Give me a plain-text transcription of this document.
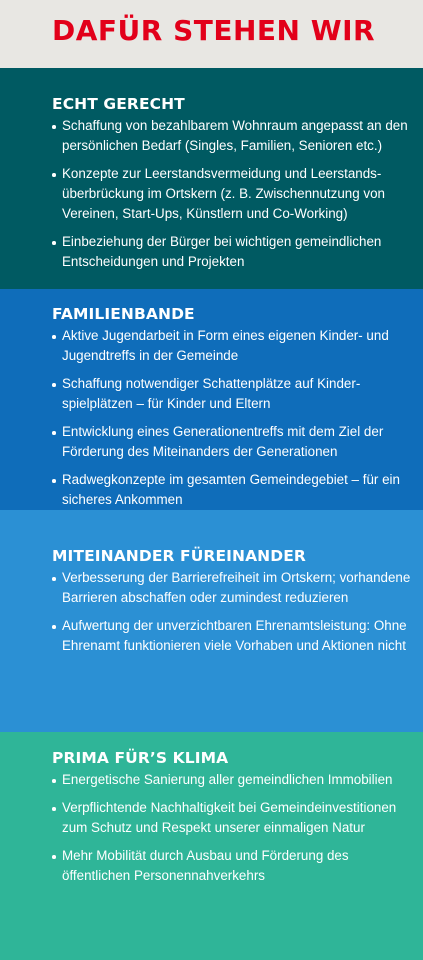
DAFÜR STEHEN WIR
ECHT GERECHT
Schaffung von bezahlbarem Wohnraum angepasst an den persönlichen Bedarf (Singles, Familien, Senioren etc.)
Konzepte zur Leerstandsvermeidung und Leerstandsüberbrückung im Ortskern (z. B. Zwischennutzung von Vereinen, Start-Ups, Künstlern und Co-Working)
Einbeziehung der Bürger bei wichtigen gemeindlichen Entscheidungen und Projekten
FAMILIENBANDE
Aktive Jugendarbeit in Form eines eigenen Kinder- und Jugendtreffs in der Gemeinde
Schaffung notwendiger Schattenplätze auf Kinderspielplätzen – für Kinder und Eltern
Entwicklung eines Generationentreffs mit dem Ziel der Förderung des Miteinanders der Generationen
Radwegkonzepte im gesamten Gemeindegebiet – für ein sicheres Ankommen
MITEINANDER FÜREINANDER
Verbesserung der Barrierefreiheit im Ortskern; vorhandene Barrieren abschaffen oder zumindest reduzieren
Aufwertung der unverzichtbaren Ehrenamtsleistung: Ohne Ehrenamt funktionieren viele Vorhaben und Aktionen nicht
PRIMA FÜR’S KLIMA
Energetische Sanierung aller gemeindlichen Immobilien
Verpflichtende Nachhaltigkeit bei Gemeindeinvestitionen zum Schutz und Respekt unserer einmaligen Natur
Mehr Mobilität durch Ausbau und Förderung des öffentlichen Personennahverkehrs
